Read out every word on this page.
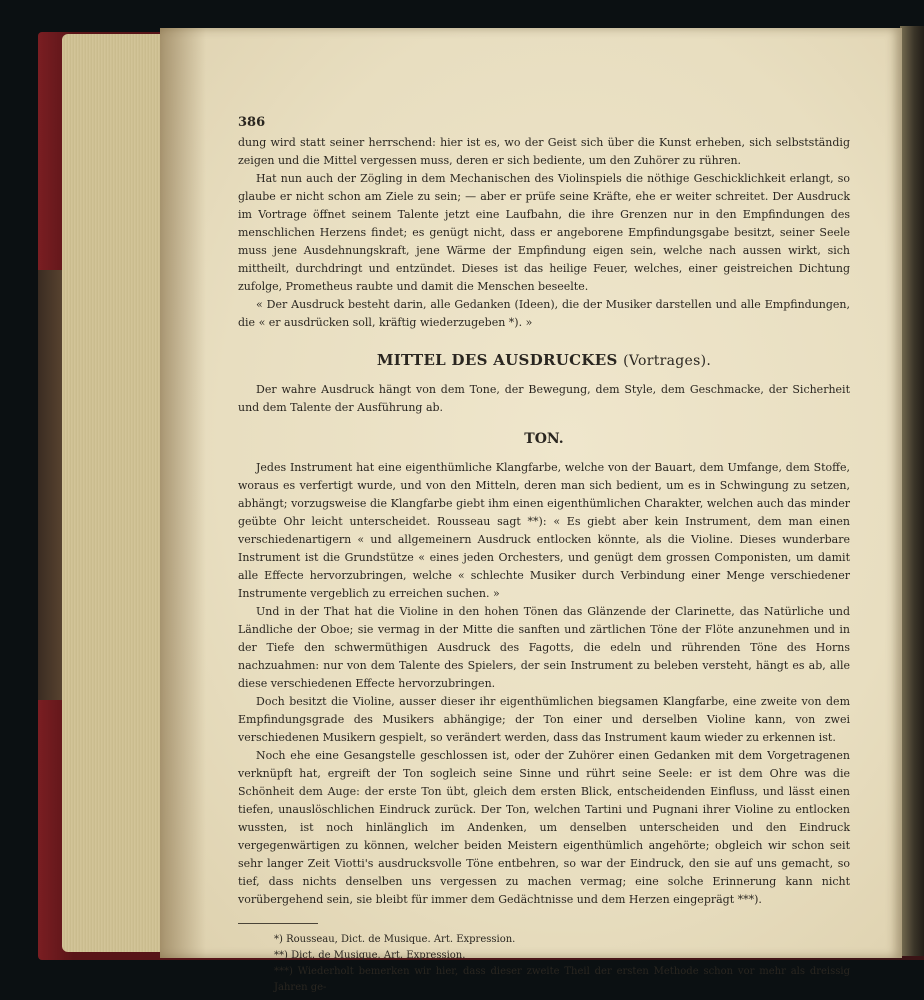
386

dung wird statt seiner herrschend: hier ist es, wo der Geist sich über die Kunst erheben, sich selbstständig zeigen und die Mittel vergessen muss, deren er sich bediente, um den Zuhörer zu rühren.

Hat nun auch der Zögling in dem Mechanischen des Violinspiels die nöthige Geschicklichkeit erlangt, so glaube er nicht schon am Ziele zu sein; — aber er prüfe seine Kräfte, ehe er weiter schreitet. Der Ausdruck im Vortrage öffnet seinem Talente jetzt eine Laufbahn, die ihre Grenzen nur in den Empfindungen des menschlichen Herzens findet; es genügt nicht, dass er angeborene Empfindungsgabe besitzt, seiner Seele muss jene Ausdehnungskraft, jene Wärme der Empfindung eigen sein, welche nach aussen wirkt, sich mittheilt, durchdringt und entzündet. Dieses ist das heilige Feuer, welches, einer geistreichen Dichtung zufolge, Prometheus raubte und damit die Menschen beseelte.

« Der Ausdruck besteht darin, alle Gedanken (Ideen), die der Musiker darstellen und alle Empfindungen, die « er ausdrücken soll, kräftig wiederzugeben *). »

MITTEL DES AUSDRUCKES (Vortrages).

Der wahre Ausdruck hängt von dem Tone, der Bewegung, dem Style, dem Geschmacke, der Sicherheit und dem Talente der Ausführung ab.

TON.

Jedes Instrument hat eine eigenthümliche Klangfarbe, welche von der Bauart, dem Umfange, dem Stoffe, woraus es verfertigt wurde, und von den Mitteln, deren man sich bedient, um es in Schwingung zu setzen, abhängt; vorzugsweise die Klangfarbe giebt ihm einen eigenthümlichen Charakter, welchen auch das minder geübte Ohr leicht unterscheidet. Rousseau sagt **): « Es giebt aber kein Instrument, dem man einen verschiedenartigern « und allgemeinern Ausdruck entlocken könnte, als die Violine. Dieses wunderbare Instrument ist die Grundstütze « eines jeden Orchesters, und genügt dem grossen Componisten, um damit alle Effecte hervorzubringen, welche « schlechte Musiker durch Verbindung einer Menge verschiedener Instrumente vergeblich zu erreichen suchen. »

Und in der That hat die Violine in den hohen Tönen das Glänzende der Clarinette, das Natürliche und Ländliche der Oboe; sie vermag in der Mitte die sanften und zärtlichen Töne der Flöte anzunehmen und in der Tiefe den schwermüthigen Ausdruck des Fagotts, die edeln und rührenden Töne des Horns nachzuahmen: nur von dem Talente des Spielers, der sein Instrument zu beleben versteht, hängt es ab, alle diese verschiedenen Effecte hervorzubringen.

Doch besitzt die Violine, ausser dieser ihr eigenthümlichen biegsamen Klangfarbe, eine zweite von dem Empfindungsgrade des Musikers abhängige; der Ton einer und derselben Violine kann, von zwei verschiedenen Musikern gespielt, so verändert werden, dass das Instrument kaum wieder zu erkennen ist.

Noch ehe eine Gesangstelle geschlossen ist, oder der Zuhörer einen Gedanken mit dem Vorgetragenen verknüpft hat, ergreift der Ton sogleich seine Sinne und rührt seine Seele: er ist dem Ohre was die Schönheit dem Auge: der erste Ton übt, gleich dem ersten Blick, entscheidenden Einfluss, und lässt einen tiefen, unauslöschlichen Eindruck zurück. Der Ton, welchen Tartini und Pugnani ihrer Violine zu entlocken wussten, ist noch hinlänglich im Andenken, um denselben unterscheiden und den Eindruck vergegenwärtigen zu können, welcher beiden Meistern eigenthümlich angehörte; obgleich wir schon seit sehr langer Zeit Viotti's ausdrucksvolle Töne entbehren, so war der Eindruck, den sie auf uns gemacht, so tief, dass nichts denselben uns vergessen zu machen vermag; eine solche Erinnerung kann nicht vorübergehend sein, sie bleibt für immer dem Gedächtnisse und dem Herzen eingeprägt ***).

*) Rousseau, Dict. de Musique. Art. Expression.

**) Dict. de Musique. Art. Expression.

***) Wiederholt bemerken wir hier, dass dieser zweite Theil der ersten Methode schon vor mehr als dreissig Jahren ge-
